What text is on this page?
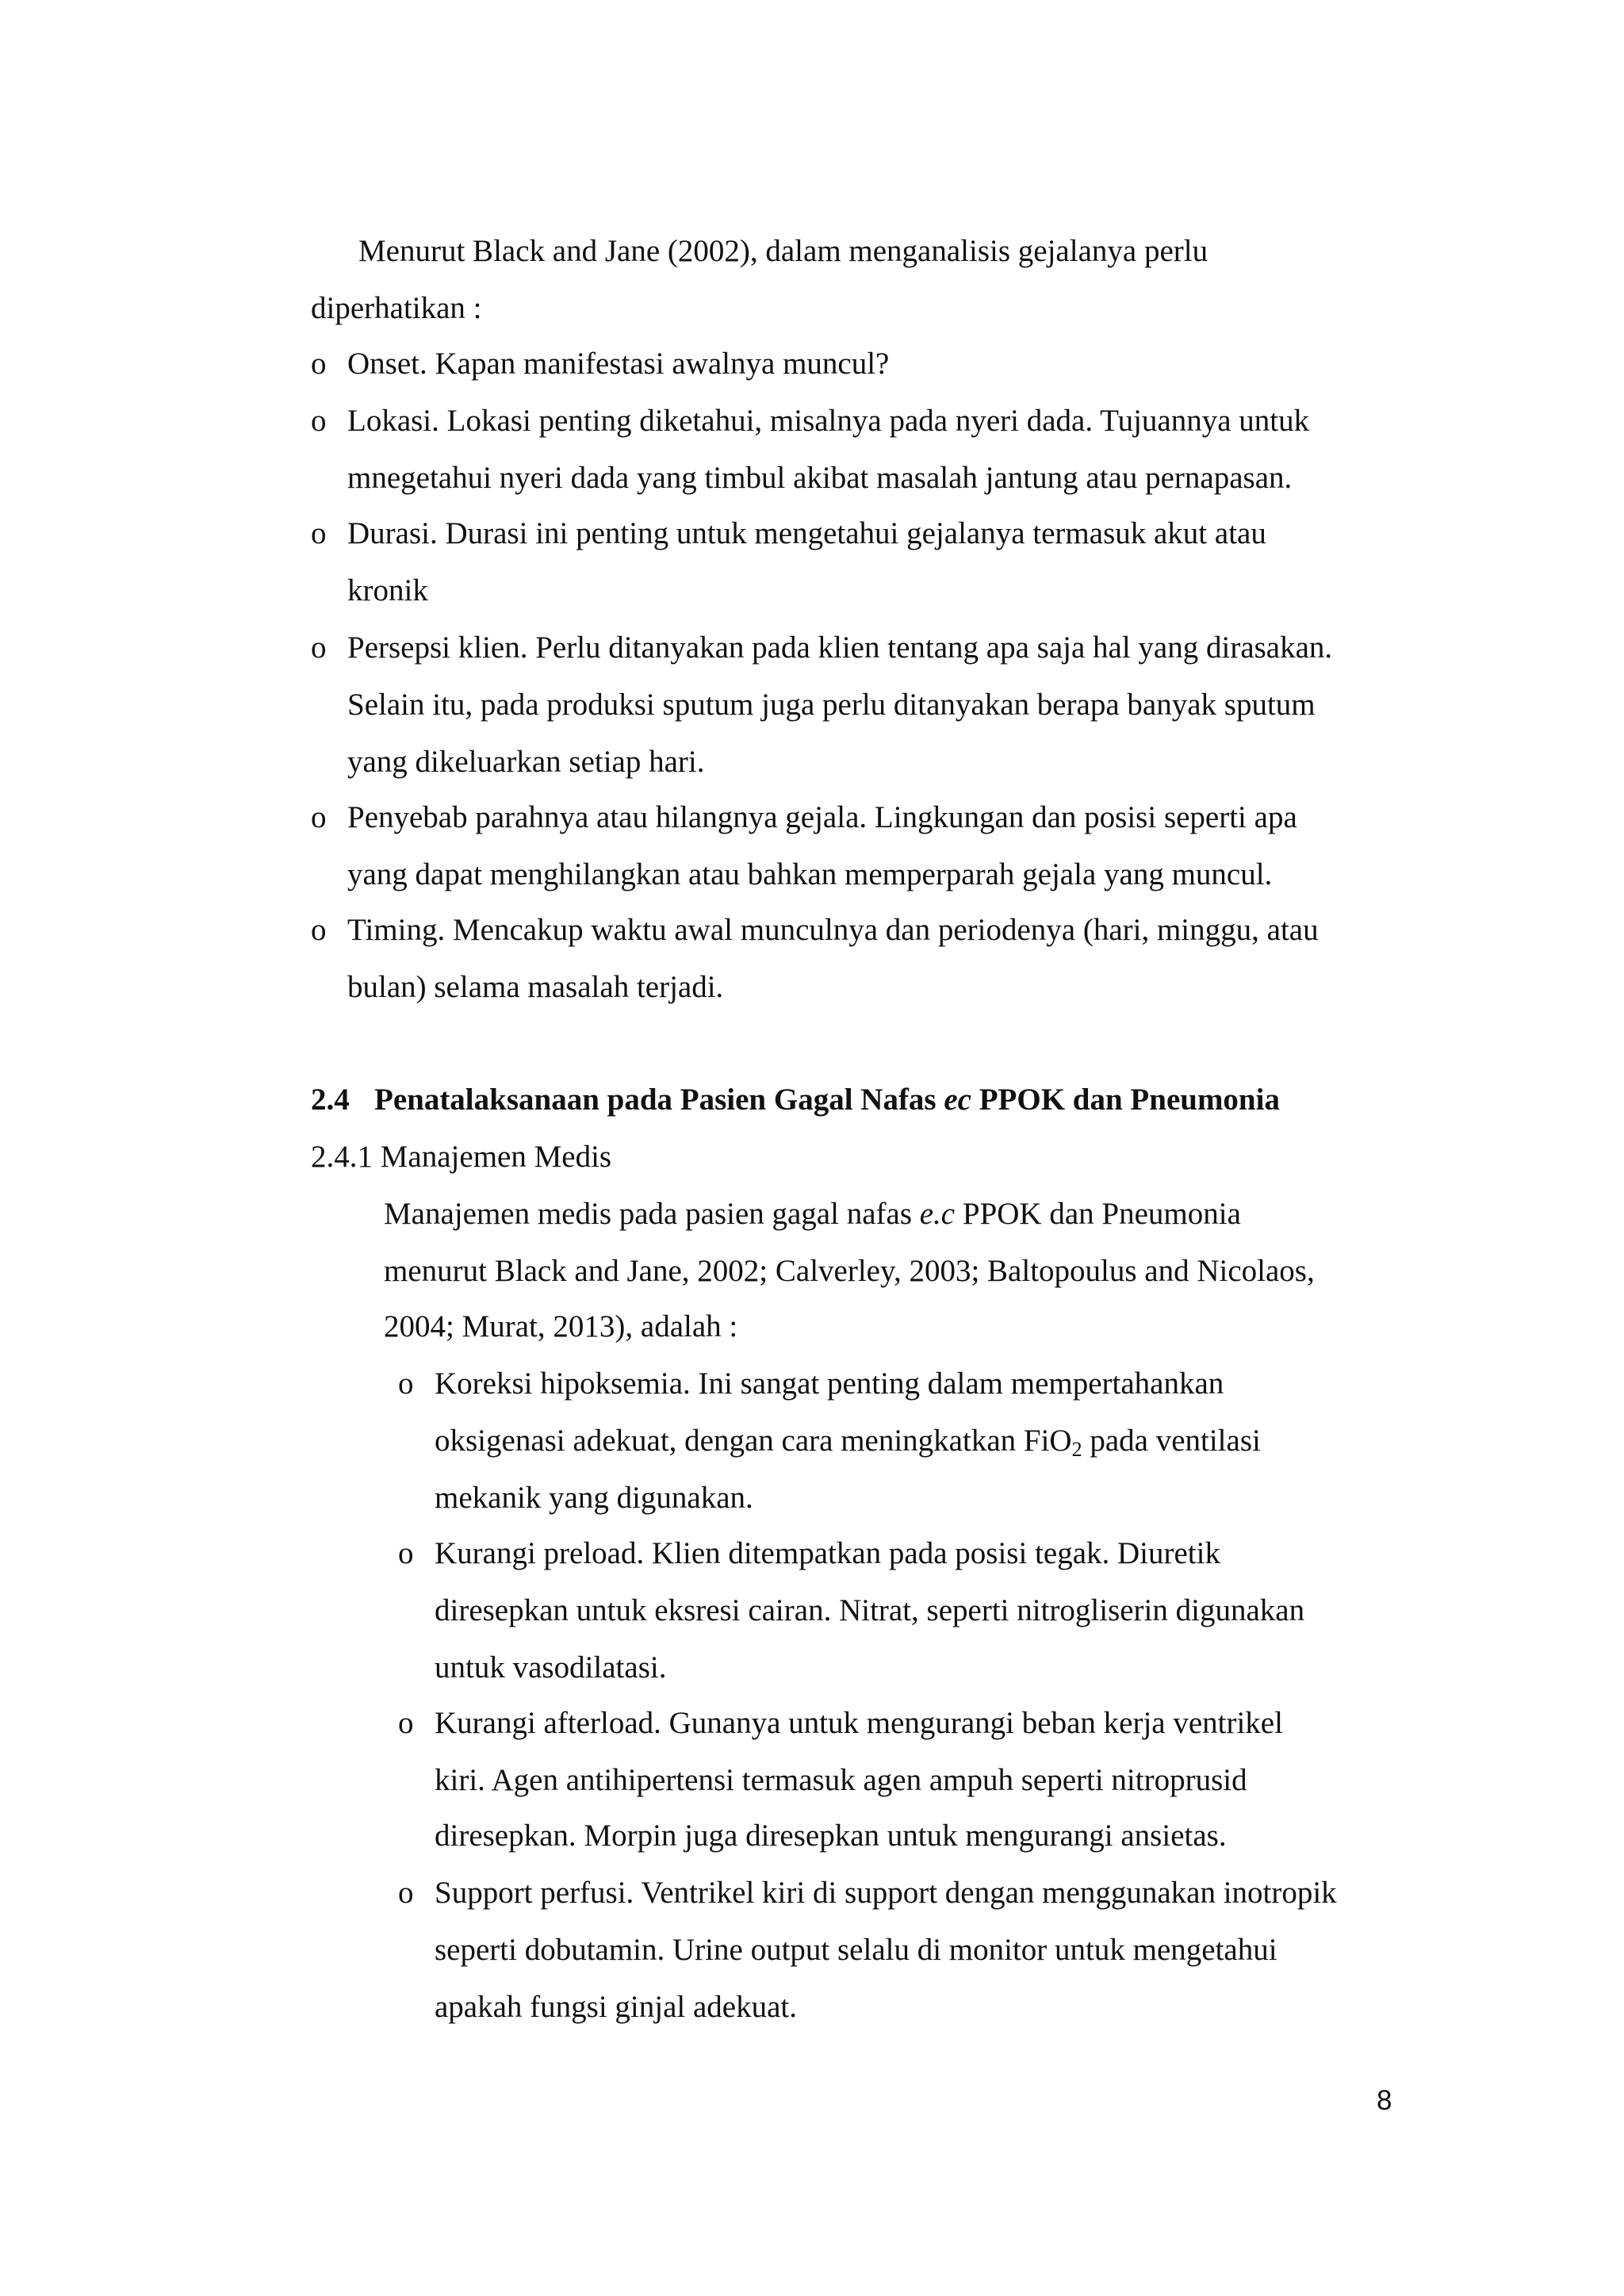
Menurut Black and Jane (2002), dalam menganalisis gejalanya perlu
diperhatikan :
o Onset. Kapan manifestasi awalnya muncul?
o Lokasi. Lokasi penting diketahui, misalnya pada nyeri dada. Tujuannya untuk
mnegetahui nyeri dada yang timbul akibat masalah jantung atau pernapasan.
o Durasi. Durasi ini penting untuk mengetahui gejalanya termasuk akut atau
kronik
o Persepsi klien. Perlu ditanyakan pada klien tentang apa saja hal yang dirasakan.
Selain itu, pada produksi sputum juga perlu ditanyakan berapa banyak sputum
yang dikeluarkan setiap hari.
o Penyebab parahnya atau hilangnya gejala. Lingkungan dan posisi seperti apa
yang dapat menghilangkan atau bahkan memperparah gejala yang muncul.
o Timing. Mencakup waktu awal munculnya dan periodenya (hari, minggu, atau
bulan) selama masalah terjadi.
2.4 Penatalaksanaan pada Pasien Gagal Nafas ec PPOK dan Pneumonia
2.4.1 Manajemen Medis
Manajemen medis pada pasien gagal nafas e.c PPOK dan Pneumonia
menurut Black and Jane, 2002; Calverley, 2003; Baltopoulus and Nicolaos,
2004; Murat, 2013), adalah :
o Koreksi hipoksemia. Ini sangat penting dalam mempertahankan
oksigenasi adekuat, dengan cara meningkatkan FiO$_2$ pada ventilasi
mekanik yang digunakan.
o Kurangi preload. Klien ditempatkan pada posisi tegak. Diuretik
diresepkan untuk eksresi cairan. Nitrat, seperti nitrogliserin digunakan
untuk vasodilatasi.
o Kurangi afterload. Gunanya untuk mengurangi beban kerja ventrikel
kiri. Agen antihipertensi termasuk agen ampuh seperti nitroprusid
diresepkan. Morpin juga diresepkan untuk mengurangi ansietas.
o Support perfusi. Ventrikel kiri di support dengan menggunakan inotropik
seperti dobutamin. Urine output selalu di monitor untuk mengetahui
apakah fungsi ginjal adekuat.
8
